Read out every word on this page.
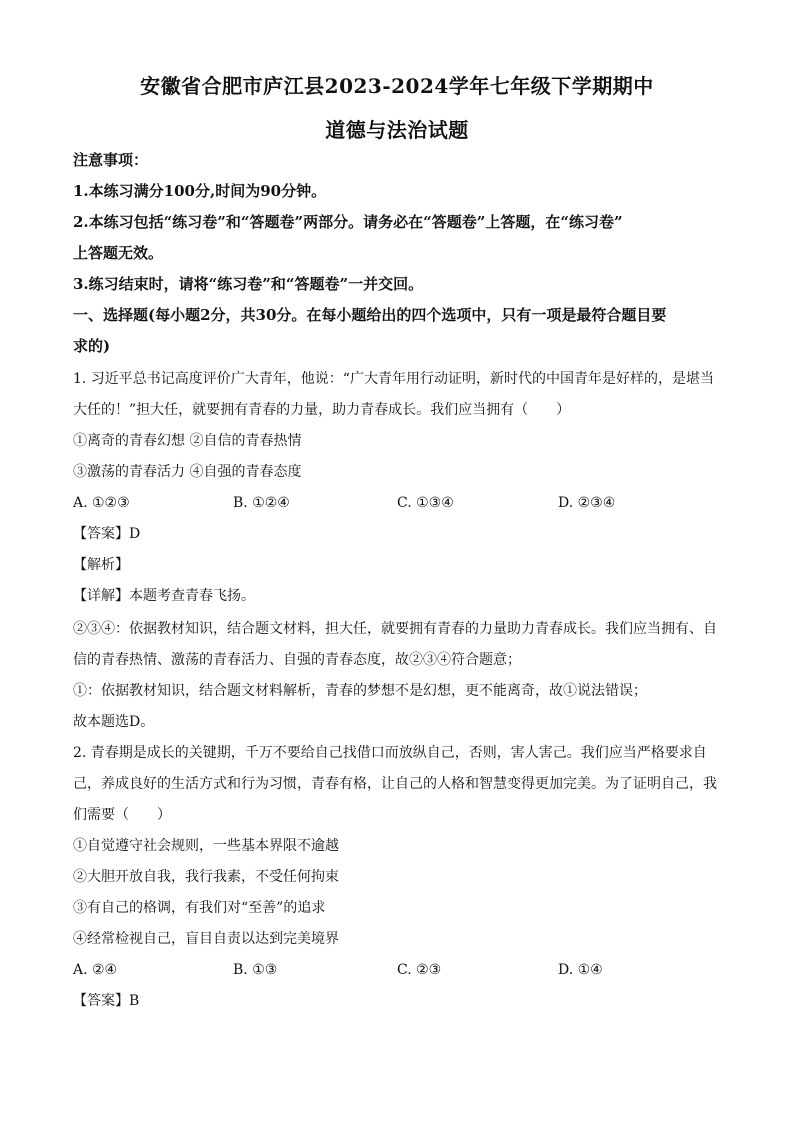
安徽省合肥市庐江县2023-2024学年七年级下学期期中
道德与法治试题
注意事项：
1.本练习满分100分,时间为90分钟。
2.本练习包括“练习卷”和“答题卷”两部分。请务必在“答题卷”上答题，在“练习卷”
上答题无效。
3.练习结束时，请将“练习卷”和“答题卷”一并交回。
一、选择题(每小题2分，共30分。在每小题给出的四个选项中，只有一项是最符合题目要
求的)
1. 习近平总书记高度评价广大青年，他说：“广大青年用行动证明，新时代的中国青年是好样的，是堪当
大任的！”担大任，就要拥有青春的力量，助力青春成长。我们应当拥有（　　）
①离奇的青春幻想 ②自信的青春热情
③激荡的青春活力 ④自强的青春态度
A. ①②③	B. ①②④	C. ①③④	D. ②③④
【答案】D
【解析】
【详解】本题考查青春飞扬。
②③④：依据教材知识，结合题文材料，担大任，就要拥有青春的力量助力青春成长。我们应当拥有、自
信的青春热情、激荡的青春活力、自强的青春态度，故②③④符合题意；
①：依据教材知识，结合题文材料解析，青春的梦想不是幻想，更不能离奇，故①说法错误；
故本题选D。
2. 青春期是成长的关键期，千万不要给自己找借口而放纵自己，否则，害人害己。我们应当严格要求自
己，养成良好的生活方式和行为习惯，青春有格，让自己的人格和智慧变得更加完美。为了证明自己，我
们需要（　　）
①自觉遵守社会规则，一些基本界限不逾越
②大胆开放自我，我行我素，不受任何拘束
③有自己的格调，有我们对“至善”的追求
④经常检视自己，盲目自责以达到完美境界
A. ②④	B. ①③	C. ②③	D. ①④
【答案】B
